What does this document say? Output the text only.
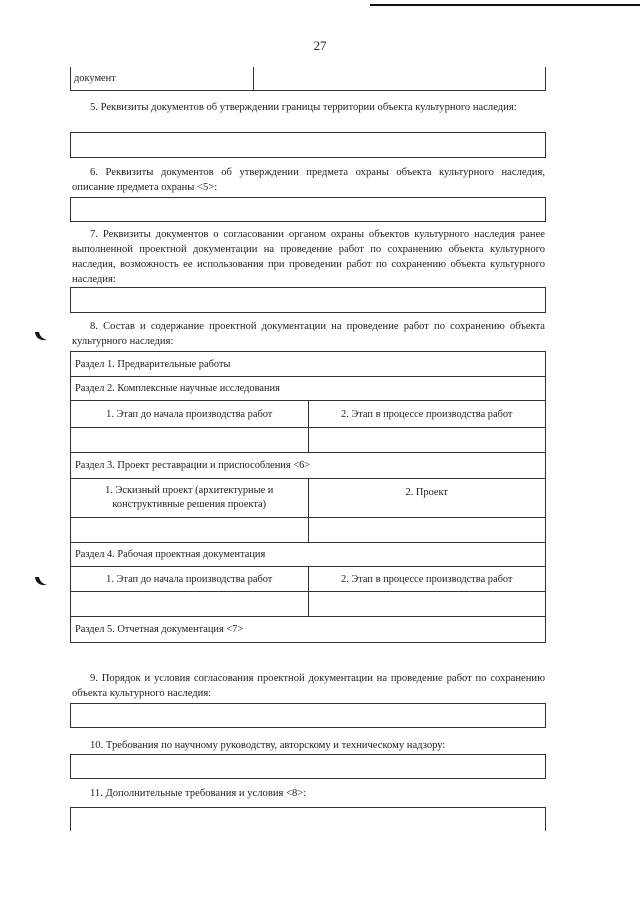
27
документ
5. Реквизиты документов об утверждении границы территории объекта культурного наследия:
6. Реквизиты документов об утверждении предмета охраны объекта культурного наследия, описание предмета охраны <5>:
7. Реквизиты документов о согласовании органом охраны объектов культурного наследия ранее выполненной проектной документации на проведение работ по сохранению объекта культурного наследия, возможность ее использования при проведении работ по сохранению объекта культурного наследия:
8. Состав и содержание проектной документации на проведение работ по сохранению объекта культурного наследия:
Раздел 1. Предварительные работы	
Раздел 2. Комплексные научные исследования	
1. Этап до начала производства работ	2. Этап в процессе производства работ

Раздел 3. Проект реставрации и приспособления <6>	
1. Эскизный проект (архитектурные и конструктивные решения проекта)	2. Проект

Раздел 4. Рабочая проектная документация	
1. Этап до начала производства работ	2. Этап в процессе производства работ

Раздел 5. Отчетная документация <7>	
9. Порядок и условия согласования проектной документации на проведение работ по сохранению объекта культурного наследия:
10. Требования по научному руководству, авторскому и техническому надзору:
11. Дополнительные требования и условия <8>:
